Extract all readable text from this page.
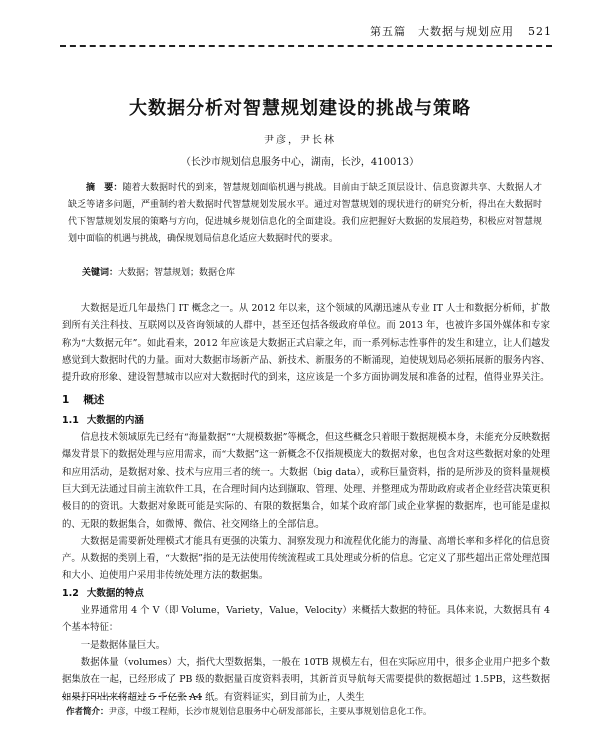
第五篇　大数据与规划应用 521
大数据分析对智慧规划建设的挑战与策略
尹彦，尹长林
（长沙市规划信息服务中心，湖南，长沙，410013）
摘　要：随着大数据时代的到来，智慧规划面临机遇与挑战。目前由于缺乏顶层设计、信息资源共享、大数据人才缺乏等诸多问题，严重制约着大数据时代智慧规划发展水平。通过对智慧规划的现状进行的研究分析，得出在大数据时代下智慧规划发展的策略与方向，促进城乡规划信息化的全面建设。我们应把握好大数据的发展趋势，积极应对智慧规划中面临的机遇与挑战，确保规划局信息化适应大数据时代的要求。
关键词：大数据；智慧规划；数据仓库

大数据是近几年最热门 IT 概念之一。从 2012 年以来，这个领域的风潮迅速从专业 IT 人士和数据分析师，扩散到所有关注科技、互联网以及咨询领域的人群中，甚至还包括各级政府单位。而 2013 年，也被许多国外媒体和专家称为“大数据元年”。如此看来，2012 年应该是大数据正式启蒙之年，而一系列标志性事件的发生和建立，让人们越发感觉到大数据时代的力量。面对大数据市场新产品、新技术、新服务的不断涌现，迫使规划局必须拓展新的服务内容、提升政府形象、建设智慧城市以应对大数据时代的到来，这应该是一个多方面协调发展和准备的过程，值得业界关注。

1 概述
1.1 大数据的内涵

信息技术领域原先已经有“海量数据”“大规模数据”等概念，但这些概念只着眼于数据规模本身，未能充分反映数据爆发背景下的数据处理与应用需求，而“大数据”这一新概念不仅指规模庞大的数据对象，也包含对这些数据对象的处理和应用活动，是数据对象、技术与应用三者的统一。大数据（big data），或称巨量资料，指的是所涉及的资料量规模巨大到无法通过目前主流软件工具，在合理时间内达到撷取、管理、处理、并整理成为帮助政府或者企业经营决策更积极目的的资讯。大数据对象既可能是实际的、有限的数据集合，如某个政府部门或企业掌握的数据库，也可能是虚拟的、无限的数据集合，如微博、微信、社交网络上的全部信息。

大数据是需要新处理模式才能具有更强的决策力、洞察发现力和流程优化能力的海量、高增长率和多样化的信息资产。从数据的类别上看，“大数据”指的是无法使用传统流程或工具处理或分析的信息。它定义了那些超出正常处理范围和大小、迫使用户采用非传统处理方法的数据集。

1.2 大数据的特点

业界通常用 4 个 V（即 Volume，Variety，Value，Velocity）来概括大数据的特征。具体来说，大数据具有 4 个基本特征：

一是数据体量巨大。

数据体量（volumes）大，指代大型数据集，一般在 10TB 规模左右，但在实际应用中，很多企业用户把多个数据集放在一起，已经形成了 PB 级的数据量百度资料表明，其新首页导航每天需要提供的数据超过 1.5PB，这些数据如果打印出来将超过 5 千亿张 A4 纸。有资料证实，到目前为止，人类生

作者简介：尹彦，中级工程师，长沙市规划信息服务中心研发部部长，主要从事规划信息化工作。
